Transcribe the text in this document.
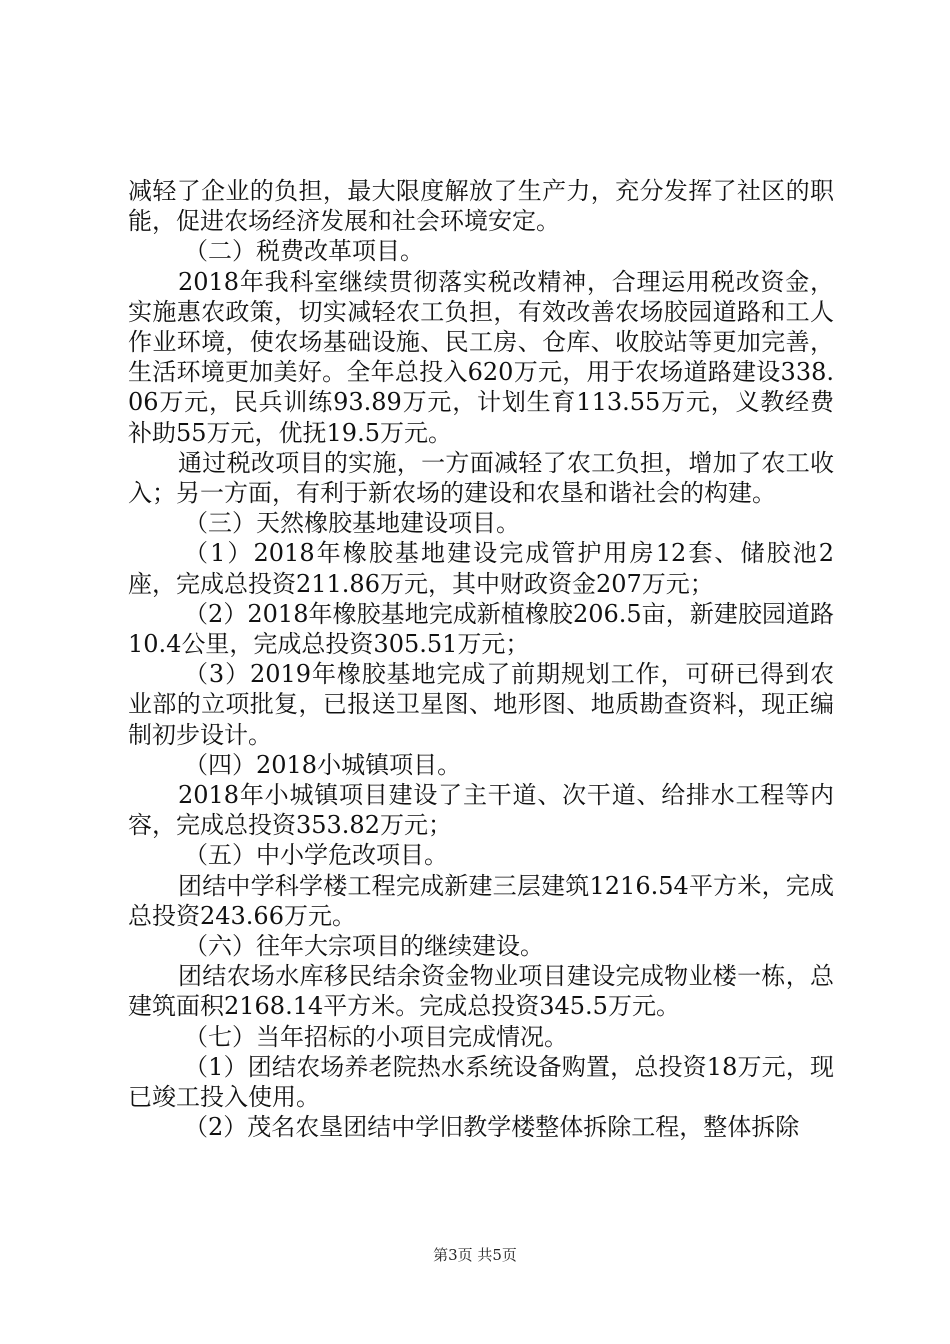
减轻了企业的负担，最大限度解放了生产力，充分发挥了社区的职能，促进农场经济发展和社会环境安定。

（二）税费改革项目。

2018年我科室继续贯彻落实税改精神，合理运用税改资金，实施惠农政策，切实减轻农工负担，有效改善农场胶园道路和工人作业环境，使农场基础设施、民工房、仓库、收胶站等更加完善，生活环境更加美好。全年总投入620万元，用于农场道路建设338.06万元，民兵训练93.89万元，计划生育113.55万元，义教经费补助55万元，优抚19.5万元。

通过税改项目的实施，一方面减轻了农工负担，增加了农工收入；另一方面，有利于新农场的建设和农垦和谐社会的构建。

（三）天然橡胶基地建设项目。

（1）2018年橡胶基地建设完成管护用房12套、储胶池2座，完成总投资211.86万元，其中财政资金207万元；

（2）2018年橡胶基地完成新植橡胶206.5亩，新建胶园道路10.4公里，完成总投资305.51万元；

（3）2019年橡胶基地完成了前期规划工作，可研已得到农业部的立项批复，已报送卫星图、地形图、地质勘查资料，现正编制初步设计。

（四）2018小城镇项目。

2018年小城镇项目建设了主干道、次干道、给排水工程等内容，完成总投资353.82万元；

（五）中小学危改项目。

团结中学科学楼工程完成新建三层建筑1216.54平方米，完成总投资243.66万元。

（六）往年大宗项目的继续建设。

团结农场水库移民结余资金物业项目建设完成物业楼一栋，总建筑面积2168.14平方米。完成总投资345.5万元。

（七）当年招标的小项目完成情况。

（1）团结农场养老院热水系统设备购置，总投资18万元，现已竣工投入使用。

（2）茂名农垦团结中学旧教学楼整体拆除工程，整体拆除

第3页 共5页
